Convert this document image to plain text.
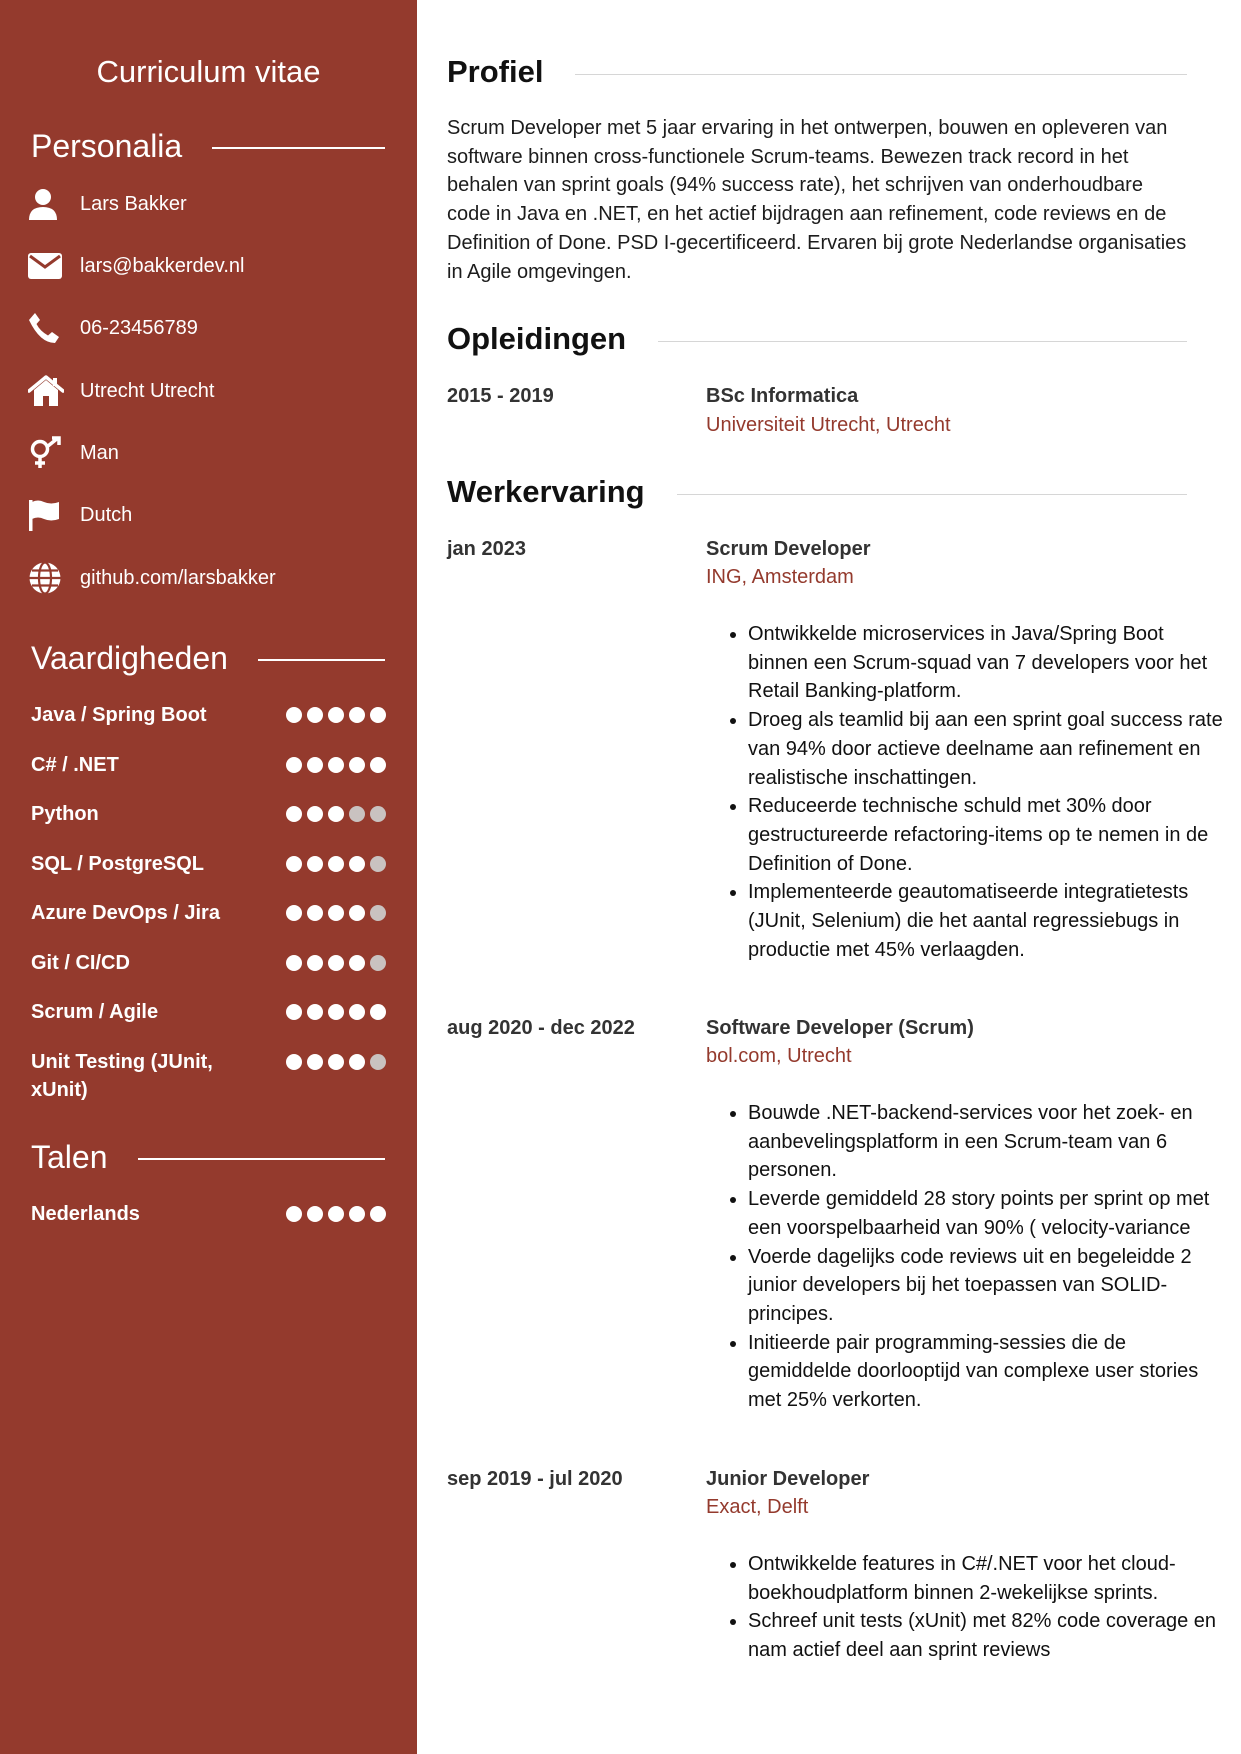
Curriculum vitae
Personalia
Lars Bakker
lars@bakkerdev.nl
06-23456789
Utrecht Utrecht
Man
Dutch
github.com/larsbakker
Vaardigheden
Java / Spring Boot
C# / .NET
Python
SQL / PostgreSQL
Azure DevOps / Jira
Git / CI/CD
Scrum / Agile
Unit Testing (JUnit, xUnit)
Talen
Nederlands
Profiel

Scrum Developer met 5 jaar ervaring in het ontwerpen, bouwen en opleveren van software binnen cross-functionele Scrum-teams. Bewezen track record in het behalen van sprint goals (94% success rate), het schrijven van onderhoudbare code in Java en .NET, en het actief bijdragen aan refinement, code reviews en de Definition of Done. PSD I-gecertificeerd. Ervaren bij grote Nederlandse organisaties in Agile omgevingen.

Opleidingen
2015 - 2019	BSc Informatica
Universiteit Utrecht, Utrecht
Werkervaring
jan 2023	Scrum Developer
ING, Amsterdam
• Ontwikkelde microservices in Java/Spring Boot binnen een Scrum-squad van 7 developers voor het Retail Banking-platform.
• Droeg als teamlid bij aan een sprint goal success rate van 94% door actieve deelname aan refinement en realistische inschattingen.
• Reduceerde technische schuld met 30% door gestructureerde refactoring-items op te nemen in de Definition of Done.
• Implementeerde geautomatiseerde integratietests (JUnit, Selenium) die het aantal regressiebugs in productie met 45% verlaagden.
aug 2020 - dec 2022	Software Developer (Scrum)
bol.com, Utrecht
• Bouwde .NET-backend-services voor het zoek- en aanbevelingsplatform in een Scrum-team van 6 personen.
• Leverde gemiddeld 28 story points per sprint op met een voorspelbaarheid van 90% ( velocity-variance
• Voerde dagelijks code reviews uit en begeleidde 2 junior developers bij het toepassen van SOLID-principes.
• Initieerde pair programming-sessies die de gemiddelde doorlooptijd van complexe user stories met 25% verkorten.
sep 2019 - jul 2020	Junior Developer
Exact, Delft
• Ontwikkelde features in C#/.NET voor het cloud-boekhoudplatform binnen 2-wekelijkse sprints.
• Schreef unit tests (xUnit) met 82% code coverage en nam actief deel aan sprint reviews
